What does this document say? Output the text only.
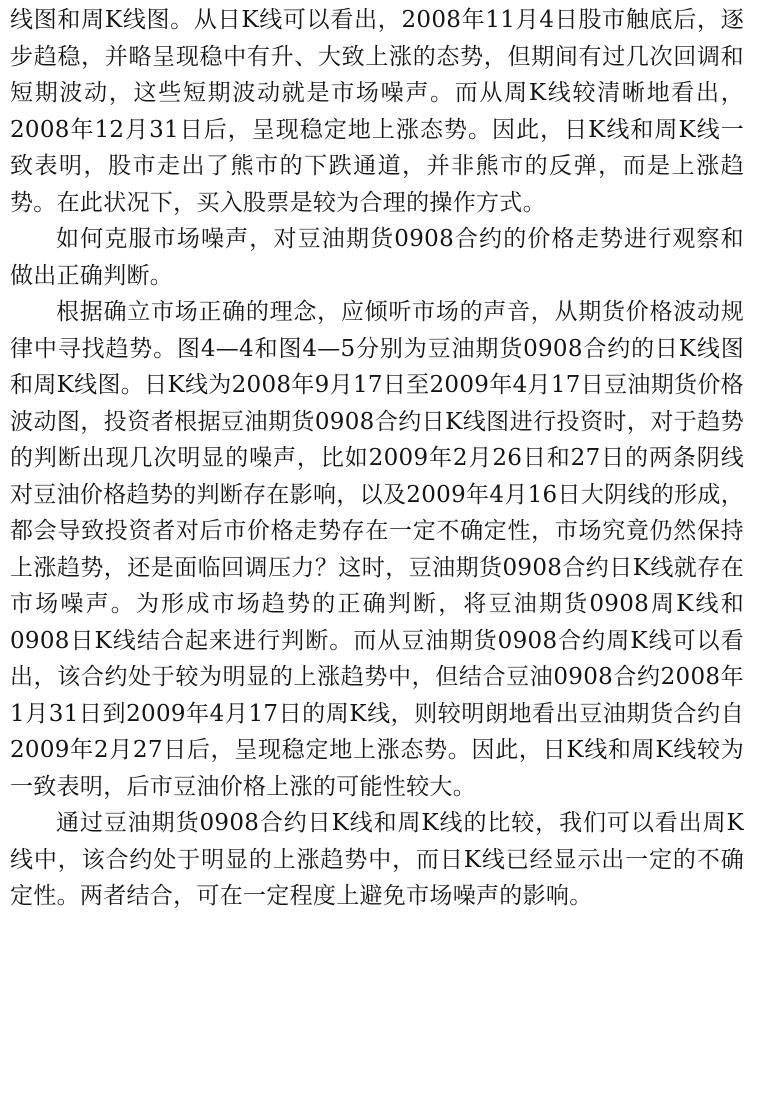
线图和周K线图。从日K线可以看出，2008年11月4日股市触底后，逐步趋稳，并略呈现稳中有升、大致上涨的态势，但期间有过几次回调和短期波动，这些短期波动就是市场噪声。而从周K线较清晰地看出，2008年12月31日后，呈现稳定地上涨态势。因此，日K线和周K线一致表明，股市走出了熊市的下跌通道，并非熊市的反弹，而是上涨趋势。在此状况下，买入股票是较为合理的操作方式。

如何克服市场噪声，对豆油期货0908合约的价格走势进行观察和做出正确判断。

根据确立市场正确的理念，应倾听市场的声音，从期货价格波动规律中寻找趋势。图4—4和图4—5分别为豆油期货0908合约的日K线图和周K线图。日K线为2008年9月17日至2009年4月17日豆油期货价格波动图，投资者根据豆油期货0908合约日K线图进行投资时，对于趋势的判断出现几次明显的噪声，比如2009年2月26日和27日的两条阴线对豆油价格趋势的判断存在影响，以及2009年4月16日大阴线的形成，都会导致投资者对后市价格走势存在一定不确定性，市场究竟仍然保持上涨趋势，还是面临回调压力？这时，豆油期货0908合约日K线就存在市场噪声。为形成市场趋势的正确判断，将豆油期货0908周K线和0908日K线结合起来进行判断。而从豆油期货0908合约周K线可以看出，该合约处于较为明显的上涨趋势中，但结合豆油0908合约2008年1月31日到2009年4月17日的周K线，则较明朗地看出豆油期货合约自2009年2月27日后，呈现稳定地上涨态势。因此，日K线和周K线较为一致表明，后市豆油价格上涨的可能性较大。

通过豆油期货0908合约日K线和周K线的比较，我们可以看出周K线中，该合约处于明显的上涨趋势中，而日K线已经显示出一定的不确定性。两者结合，可在一定程度上避免市场噪声的影响。
